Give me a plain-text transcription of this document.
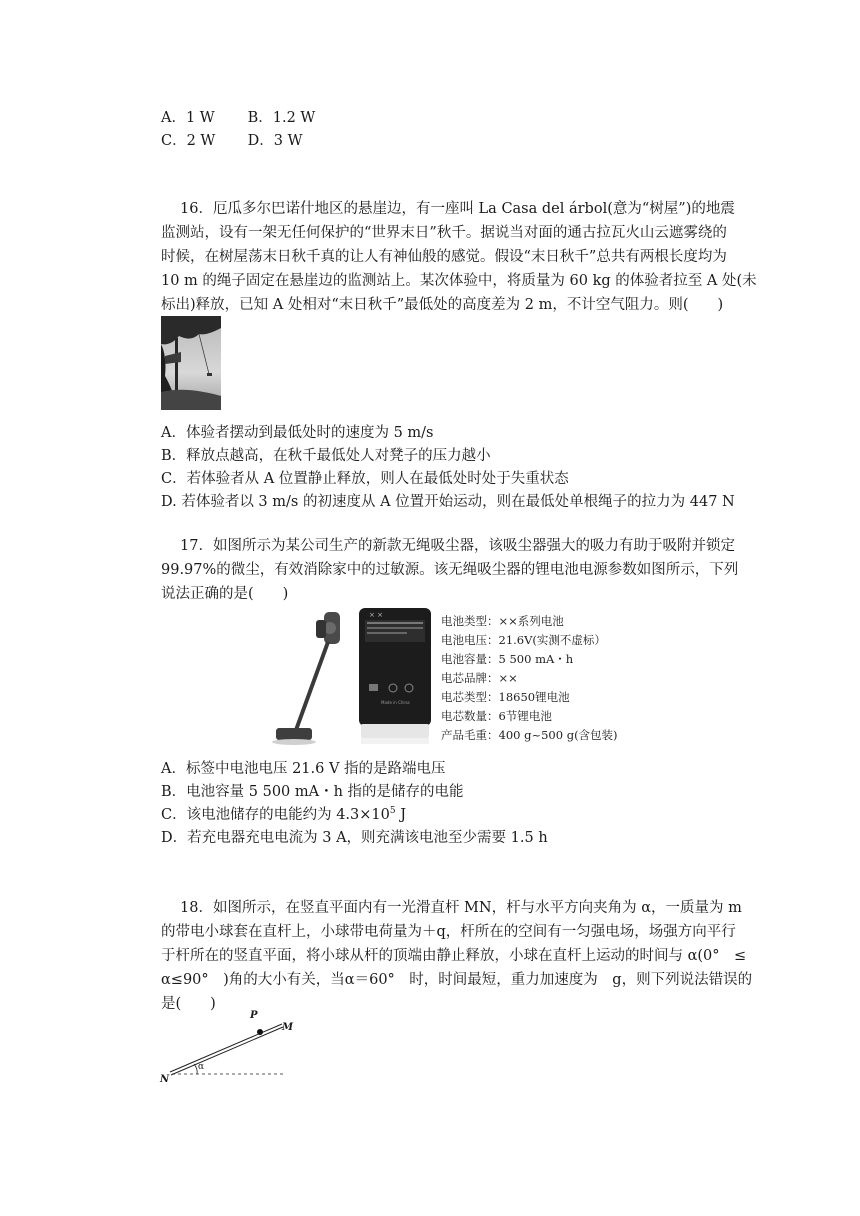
A．1 W B．1.2 W
C．2 W D．3 W
16．厄瓜多尔巴诺什地区的悬崖边，有一座叫 La Casa del árbol(意为“树屋”)的地震
监测站，设有一架无任何保护的“世界末日”秋千。据说当对面的通古拉瓦火山云遮雾绕的
时候，在树屋荡末日秋千真的让人有神仙般的感觉。假设“末日秋千”总共有两根长度均为
10 m 的绳子固定在悬崖边的监测站上。某次体验中，将质量为 60 kg 的体验者拉至 A 处(未
标出)释放，已知 A 处相对“末日秋千”最低处的高度差为 2 m，不计空气阻力。则(　　)
A．体验者摆动到最低处时的速度为 5 m/s
B．释放点越高，在秋千最低处人对凳子的压力越小
C．若体验者从 A 位置静止释放，则人在最低处时处于失重状态
D. 若体验者以 3 m/s 的初速度从 A 位置开始运动，则在最低处单根绳子的拉力为 447 N
17．如图所示为某公司生产的新款无绳吸尘器，该吸尘器强大的吸力有助于吸附并锁定
99.97%的微尘，有效消除家中的过敏源。该无绳吸尘器的锂电池电源参数如图所示，下列
说法正确的是(　　)
× ×
Made in China
电池类型：××系列电池
电池电压：21.6V(实测不虚标）
电池容量：5 500 mA・h
电芯品牌：××
电芯类型：18650锂电池
电芯数量：6节锂电池
产品毛重：400 g~500 g(含包装)
A．标签中电池电压 21.6 V 指的是路端电压
B．电池容量 5 500 mA・h 指的是储存的电能
C．该电池储存的电能约为 $4.3\times 10^5$ J
D．若充电器充电电流为 3 A，则充满该电池至少需要 1.5 h
18．如图所示，在竖直平面内有一光滑直杆 MN，杆与水平方向夹角为 α，一质量为 m
的带电小球套在直杆上，小球带电荷量为＋q，杆所在的空间有一匀强电场，场强方向平行
于杆所在的竖直平面，将小球从杆的顶端由静止释放，小球在直杆上运动的时间与 α(0°　≤
α≤90°　)角的大小有关，当α＝60°　时，时间最短，重力加速度为　g，则下列说法错误的
是(　　)
P
M
N
α
